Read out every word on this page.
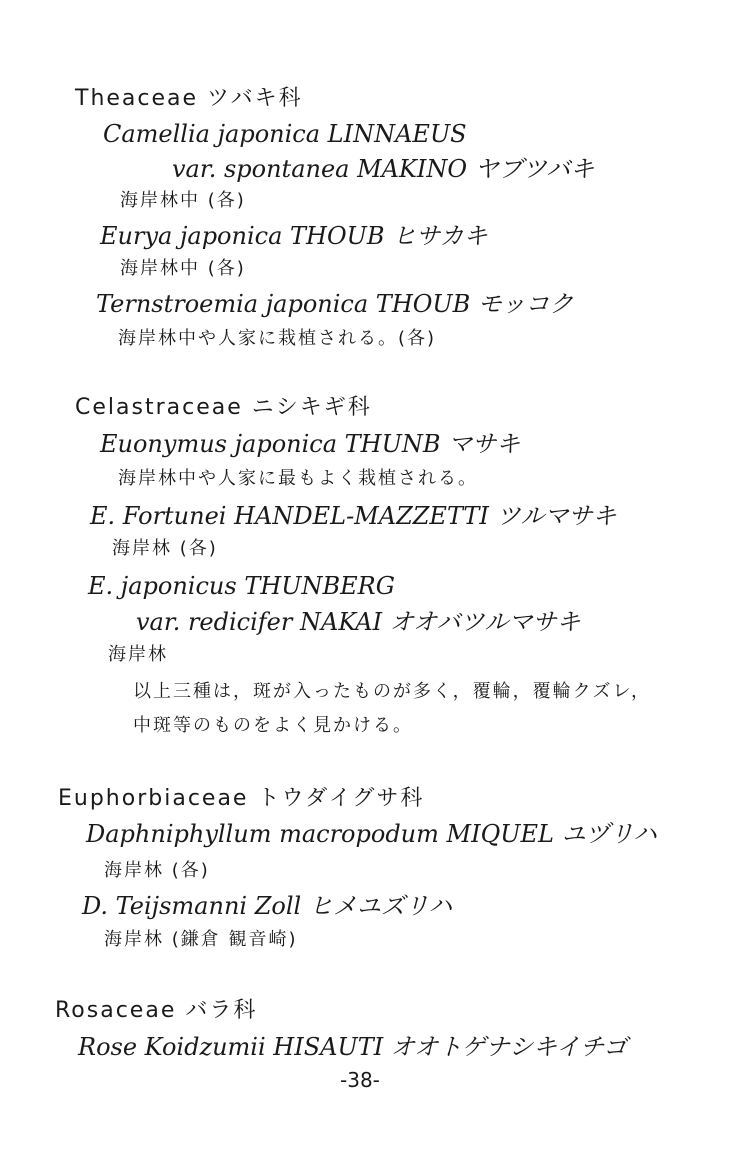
Theaceae ツバキ科
Camellia japonica LINNAEUS
var. spontanea MAKINO ヤブツバキ
海岸林中 (各)
Eurya japonica THOUB ヒサカキ
海岸林中 (各)
Ternstroemia japonica THOUB モッコク
海岸林中や人家に栽植される。(各)
Celastraceae ニシキギ科
Euonymus japonica THUNB マサキ
海岸林中や人家に最もよく栽植される。
E. Fortunei HANDEL-MAZZETTI ツルマサキ
海岸林 (各)
E. japonicus THUNBERG
var. redicifer NAKAI オオバツルマサキ
海岸林
以上三種は，斑が入ったものが多く，覆輪，覆輪クズレ，
中斑等のものをよく見かける。
Euphorbiaceae トウダイグサ科
Daphniphyllum macropodum MIQUEL ユヅリハ
海岸林 (各)
D. Teijsmanni Zoll ヒメユズリハ
海岸林 (鎌倉 観音崎)
Rosaceae バラ科
Rose Koidzumii HISAUTI オオトゲナシキイチゴ
-38-
